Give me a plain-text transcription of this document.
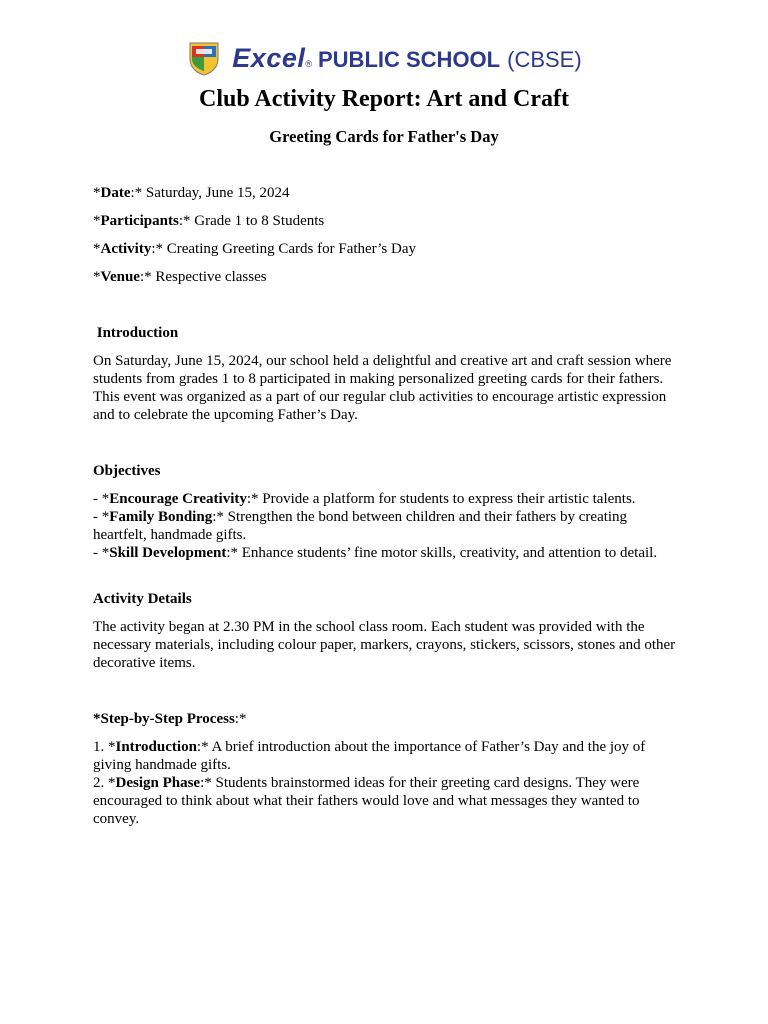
Excel ® PUBLIC SCHOOL (CBSE)
Club Activity Report: Art and Craft
Greeting Cards for Father's Day

*Date:* Saturday, June 15, 2024

*Participants:* Grade 1 to 8 Students

*Activity:* Creating Greeting Cards for Father’s Day

*Venue:* Respective classes

Introduction

On Saturday, June 15, 2024, our school held a delightful and creative art and craft session where students from grades 1 to 8 participated in making personalized greeting cards for their fathers. This event was organized as a part of our regular club activities to encourage artistic expression and to celebrate the upcoming Father’s Day.

Objectives

- *Encourage Creativity:* Provide a platform for students to express their artistic talents.

- *Family Bonding:* Strengthen the bond between children and their fathers by creating heartfelt, handmade gifts.

- *Skill Development:* Enhance students’ fine motor skills, creativity, and attention to detail.

Activity Details

The activity began at 2.30 PM in the school class room. Each student was provided with the necessary materials, including colour paper, markers, crayons, stickers, scissors, stones and other decorative items.

*Step-by-Step Process:*

1. *Introduction:* A brief introduction about the importance of Father’s Day and the joy of giving handmade gifts.

2. *Design Phase:* Students brainstormed ideas for their greeting card designs. They were encouraged to think about what their fathers would love and what messages they wanted to convey.
